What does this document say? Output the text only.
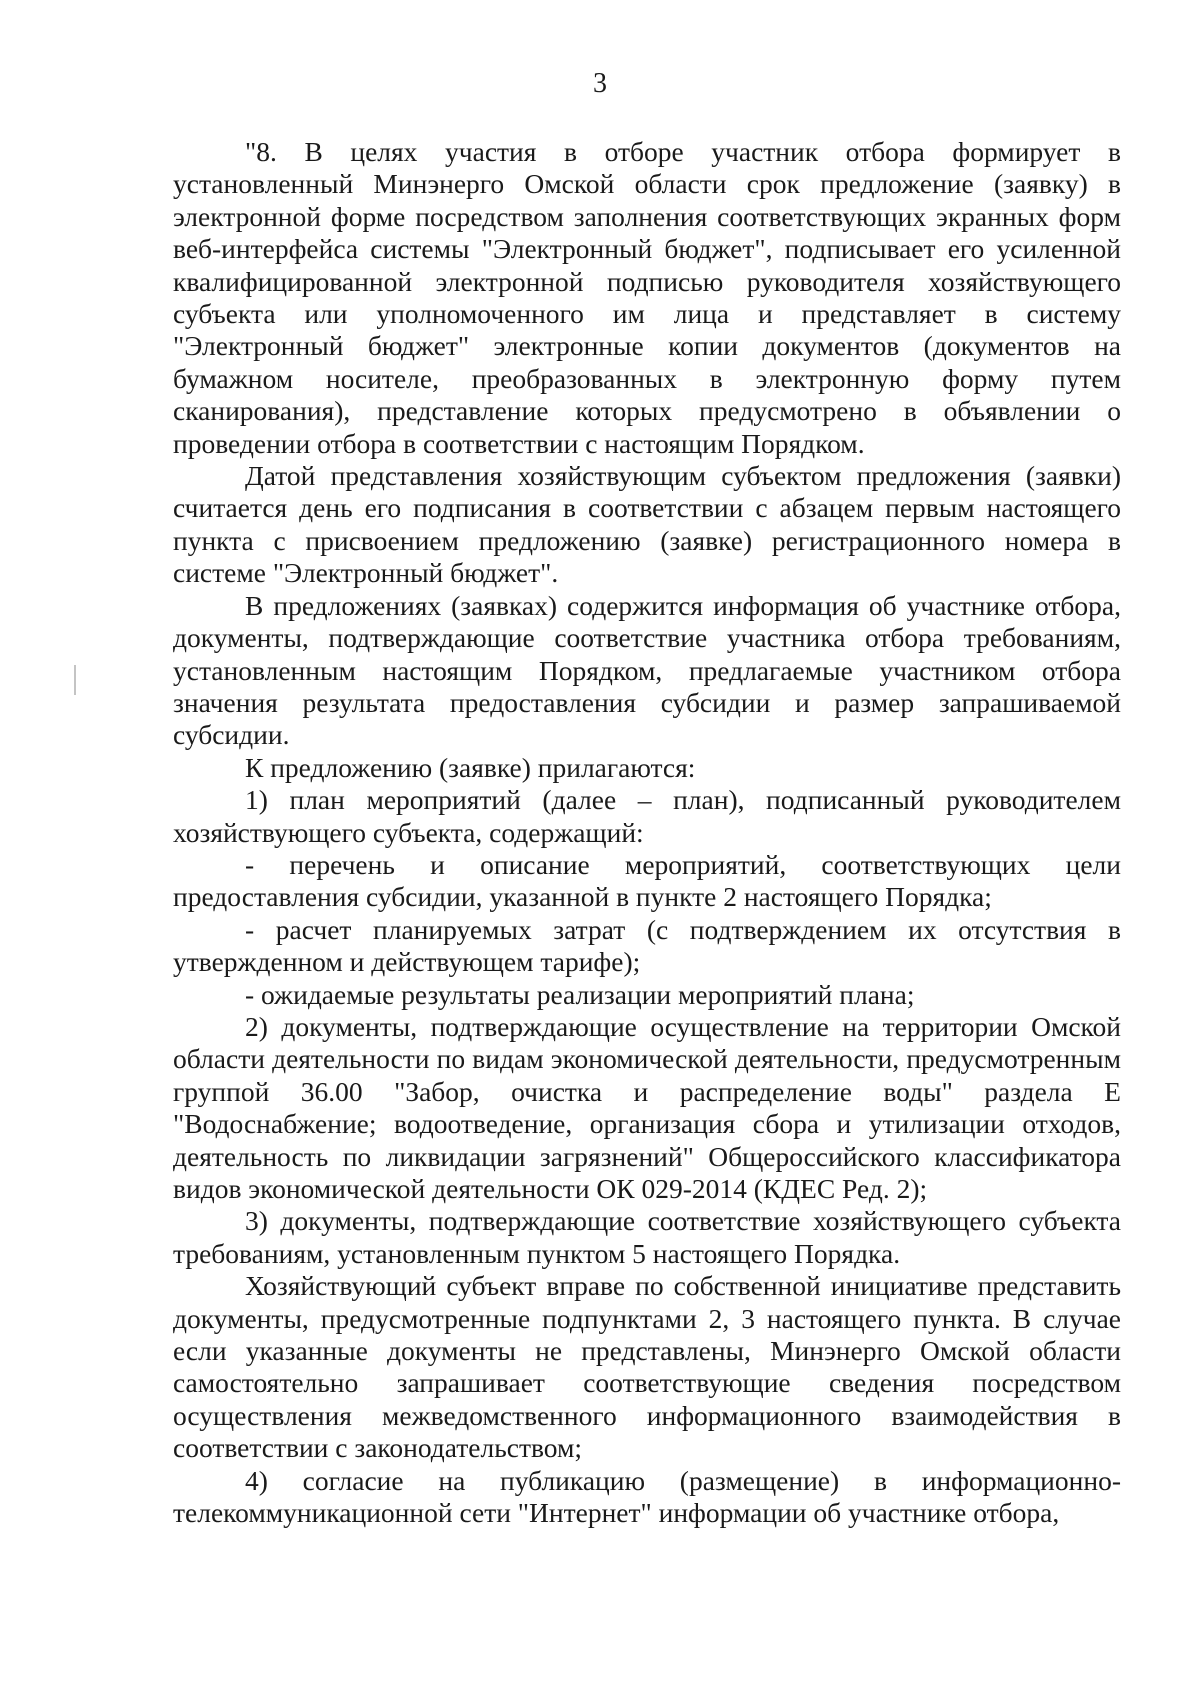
3

"8. В целях участия в отборе участник отбора формирует в установленный Минэнерго Омской области срок предложение (заявку) в электронной форме посредством заполнения соответствующих экранных форм веб-интерфейса системы "Электронный бюджет", подписывает его усиленной квалифицированной электронной подписью руководителя хозяйствующего субъекта или уполномоченного им лица и представляет в систему "Электронный бюджет" электронные копии документов (документов на бумажном носителе, преобразованных в электронную форму путем сканирования), представление которых предусмотрено в объявлении о проведении отбора в соответствии с настоящим Порядком.

Датой представления хозяйствующим субъектом предложения (заявки) считается день его подписания в соответствии с абзацем первым настоящего пункта с присвоением предложению (заявке) регистрационного номера в системе "Электронный бюджет".

В предложениях (заявках) содержится информация об участнике отбора, документы, подтверждающие соответствие участника отбора требованиям, установленным настоящим Порядком, предлагаемые участником отбора значения результата предоставления субсидии и размер запрашиваемой субсидии.

К предложению (заявке) прилагаются:

1) план мероприятий (далее – план), подписанный руководителем хозяйствующего субъекта, содержащий:

- перечень и описание мероприятий, соответствующих цели предоставления субсидии, указанной в пункте 2 настоящего Порядка;

- расчет планируемых затрат (с подтверждением их отсутствия в утвержденном и действующем тарифе);

- ожидаемые результаты реализации мероприятий плана;

2) документы, подтверждающие осуществление на территории Омской области деятельности по видам экономической деятельности, предусмотренным группой 36.00 "Забор, очистка и распределение воды" раздела Е "Водоснабжение; водоотведение, организация сбора и утилизации отходов, деятельность по ликвидации загрязнений" Общероссийского классификатора видов экономической деятельности ОК 029-2014 (КДЕС Ред. 2);

3) документы, подтверждающие соответствие хозяйствующего субъекта требованиям, установленным пунктом 5 настоящего Порядка.

Хозяйствующий субъект вправе по собственной инициативе представить документы, предусмотренные подпунктами 2, 3 настоящего пункта. В случае если указанные документы не представлены, Минэнерго Омской области самостоятельно запрашивает соответствующие сведения посредством осуществления межведомственного информационного взаимодействия в соответствии с законодательством;

4) согласие на публикацию (размещение) в информационно-телекоммуникационной сети "Интернет" информации об участнике отбора,
